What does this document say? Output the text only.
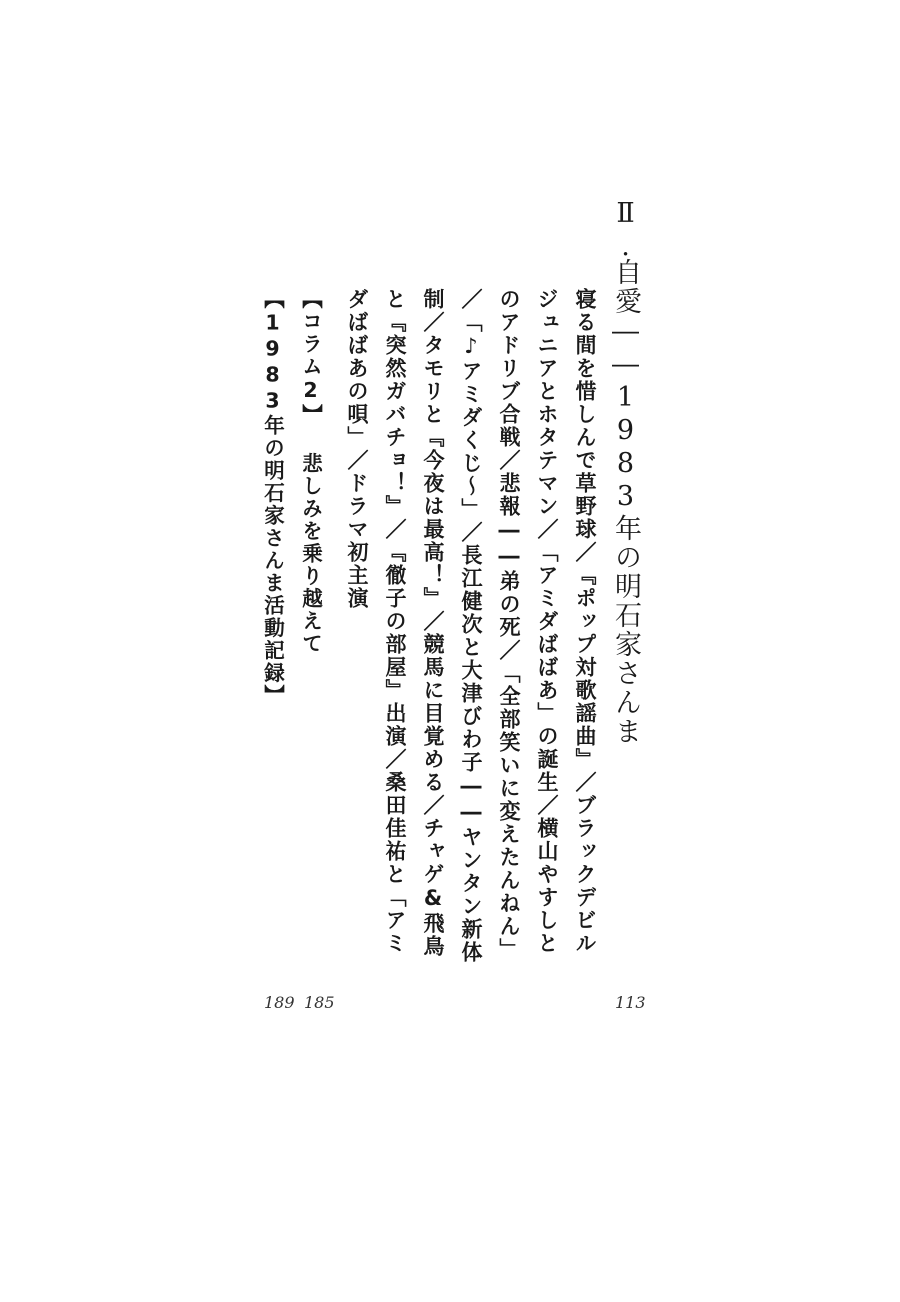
Ⅱ.
自愛――1983年の明石家さんま
寝る間を惜しんで草野球／『ポップ対歌謡曲』／ブラックデビルジュニアとホタテマン／「アミダばばあ」の誕生／横山やすしとのアドリブ合戦／悲報――弟の死／「全部笑いに変えたんねん」／「♪アミダくじ～」／長江健次と大津びわ子――ヤンタン新体制／タモリと『今夜は最高！』／競馬に目覚める／チャゲ&飛鳥と『突然ガバチョ！』／『徹子の部屋』出演／桑田佳祐と「アミダばばあの唄」／ドラマ初主演
【コラム2】 悲しみを乗り越えて
【1983年の明石家さんま活動記録】
113
185
189
